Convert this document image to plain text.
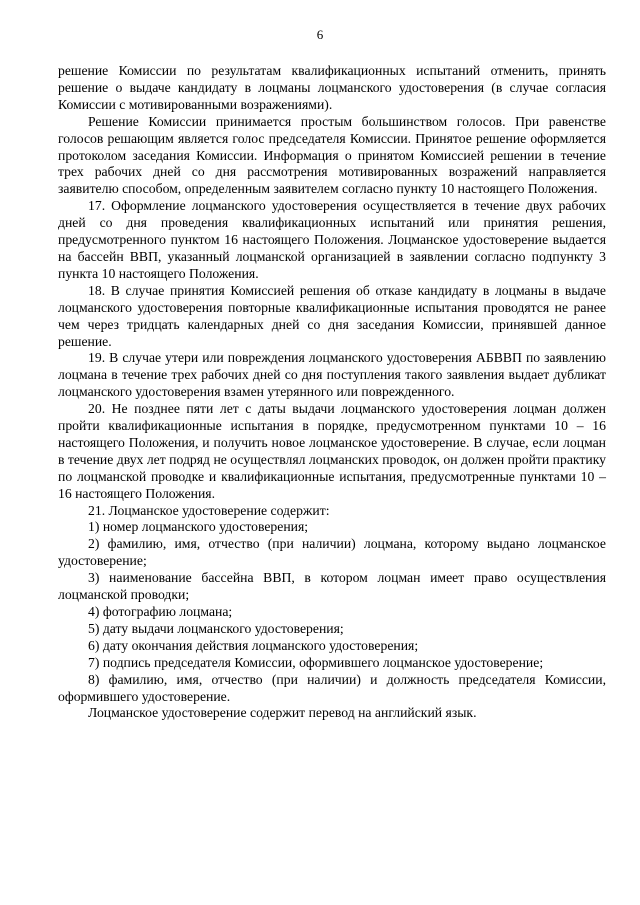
6

решение Комиссии по результатам квалификационных испытаний отменить, принять решение о выдаче кандидату в лоцманы лоцманского удостоверения (в случае согласия Комиссии с мотивированными возражениями).

Решение Комиссии принимается простым большинством голосов. При равенстве голосов решающим является голос председателя Комиссии. Принятое решение оформляется протоколом заседания Комиссии. Информация о принятом Комиссией решении в течение трех рабочих дней со дня рассмотрения мотивированных возражений направляется заявителю способом, определенным заявителем согласно пункту 10 настоящего Положения.

17. Оформление лоцманского удостоверения осуществляется в течение двух рабочих дней со дня проведения квалификационных испытаний или принятия решения, предусмотренного пунктом 16 настоящего Положения. Лоцманское удостоверение выдается на бассейн ВВП, указанный лоцманской организацией в заявлении согласно подпункту 3 пункта 10 настоящего Положения.

18. В случае принятия Комиссией решения об отказе кандидату в лоцманы в выдаче лоцманского удостоверения повторные квалификационные испытания проводятся не ранее чем через тридцать календарных дней со дня заседания Комиссии, принявшей данное решение.

19. В случае утери или повреждения лоцманского удостоверения АБВВП по заявлению лоцмана в течение трех рабочих дней со дня поступления такого заявления выдает дубликат лоцманского удостоверения взамен утерянного или поврежденного.

20. Не позднее пяти лет с даты выдачи лоцманского удостоверения лоцман должен пройти квалификационные испытания в порядке, предусмотренном пунктами 10 – 16 настоящего Положения, и получить новое лоцманское удостоверение. В случае, если лоцман в течение двух лет подряд не осуществлял лоцманских проводок, он должен пройти практику по лоцманской проводке и квалификационные испытания, предусмотренные пунктами 10 – 16 настоящего Положения.

21. Лоцманское удостоверение содержит:

1) номер лоцманского удостоверения;

2) фамилию, имя, отчество (при наличии) лоцмана, которому выдано лоцманское удостоверение;

3) наименование бассейна ВВП, в котором лоцман имеет право осуществления лоцманской проводки;

4) фотографию лоцмана;

5) дату выдачи лоцманского удостоверения;

6) дату окончания действия лоцманского удостоверения;

7) подпись председателя Комиссии, оформившего лоцманское удостоверение;

8) фамилию, имя, отчество (при наличии) и должность председателя Комиссии, оформившего удостоверение.

Лоцманское удостоверение содержит перевод на английский язык.
